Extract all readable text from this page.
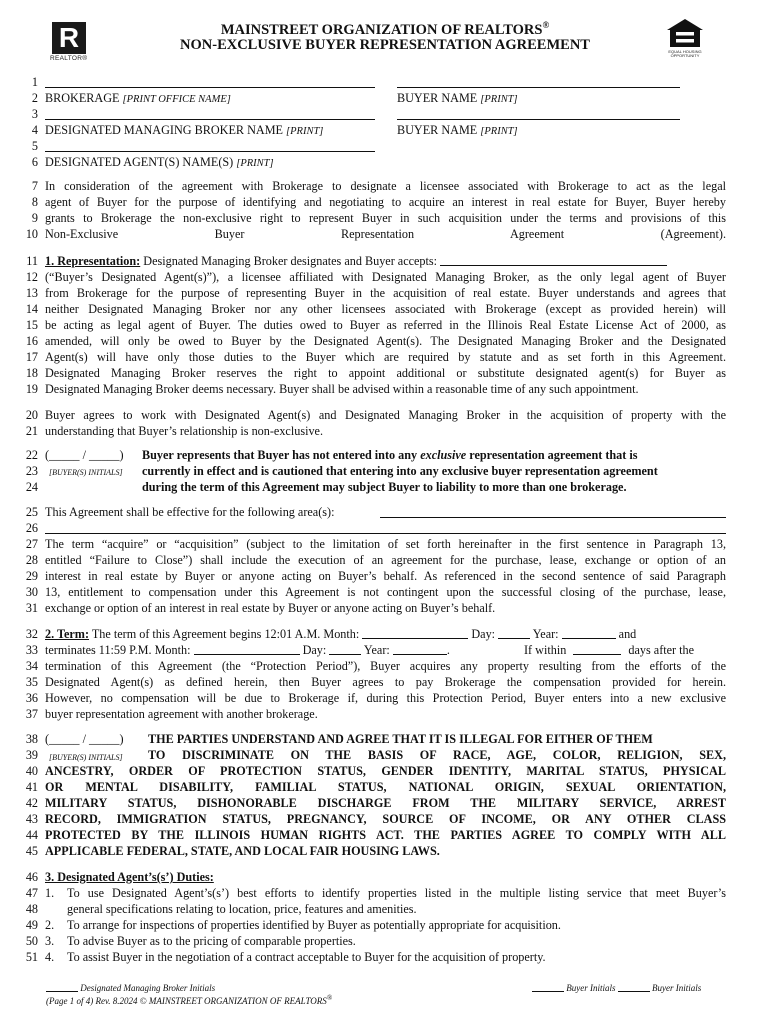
R
REALTOR®
EQUAL HOUSING OPPORTUNITY
MAINSTREET ORGANIZATION OF REALTORS®
NON-EXCLUSIVE BUYER REPRESENTATION AGREEMENT
1
2
3
4
5
6
7
8
9
10
11
12
13
14
15
16
17
18
19
20
21
22
23
24
25
26
27
28
29
30
31
32
33
34
35
36
37
38
39
40
41
42
43
44
45
46
47
48
49
50
51
BROKERAGE [PRINT OFFICE NAME]	BUYER NAME [PRINT]
DESIGNATED MANAGING BROKER NAME [PRINT]	BUYER NAME [PRINT]
DESIGNATED AGENT(S) NAME(S) [PRINT]
In consideration of the agreement with Brokerage to designate a licensee associated with Brokerage to act as the legal
agent of Buyer for the purpose of identifying and negotiating to acquire an interest in real estate for Buyer, Buyer hereby
grants to Brokerage the non-exclusive right to represent Buyer in such acquisition under the terms and provisions of this
Non-Exclusive Buyer Representation Agreement (Agreement).
1. Representation: Designated Managing Broker designates and Buyer accepts:
(“Buyer’s Designated Agent(s)”), a licensee affiliated with Designated Managing Broker, as the only legal agent of Buyer
from Brokerage for the purpose of representing Buyer in the acquisition of real estate. Buyer understands and agrees that
neither Designated Managing Broker nor any other licensees associated with Brokerage (except as provided herein) will
be acting as legal agent of Buyer. The duties owed to Buyer as referred in the Illinois Real Estate License Act of 2000, as
amended, will only be owed to Buyer by the Designated Agent(s). The Designated Managing Broker and the Designated
Agent(s) will have only those duties to the Buyer which are required by statute and as set forth in this Agreement.
Designated Managing Broker reserves the right to appoint additional or substitute designated agent(s) for Buyer as
Designated Managing Broker deems necessary. Buyer shall be advised within a reasonable time of any such appointment.
Buyer agrees to work with Designated Agent(s) and Designated Managing Broker in the acquisition of property with the
understanding that Buyer’s relationship is non-exclusive.
(_____ / _____)
[BUYER(S) INITIALS]
Buyer represents that Buyer has not entered into any exclusive representation agreement that is
currently in effect and is cautioned that entering into any exclusive buyer representation agreement
during the term of this Agreement may subject Buyer to liability to more than one brokerage.
This Agreement shall be effective for the following area(s):
The term “acquire” or “acquisition” (subject to the limitation of set forth hereinafter in the first sentence in Paragraph 13,
entitled “Failure to Close”) shall include the execution of an agreement for the purchase, lease, exchange or option of an
interest in real estate by Buyer or anyone acting on Buyer’s behalf. As referenced in the second sentence of said Paragraph
13, entitlement to compensation under this Agreement is not contingent upon the successful closing of the purchase, lease,
exchange or option of an interest in real estate by Buyer or anyone acting on Buyer’s behalf.
2. Term: The term of this Agreement begins 12:01 A.M. Month:	Day:	Year:	and
terminates 11:59 P.M. Month:	Day:	Year:	.	If within	days after the
termination of this Agreement (the “Protection Period”), Buyer acquires any property resulting from the efforts of the
Designated Agent(s) as defined herein, then Buyer agrees to pay Brokerage the compensation provided for herein.
However, no compensation will be due to Brokerage if, during this Protection Period, Buyer enters into a new exclusive
buyer representation agreement with another brokerage.
(_____ / _____)
[BUYER(S) INITIALS]
THE PARTIES UNDERSTAND AND AGREE THAT IT IS ILLEGAL FOR EITHER OF THEM
TO DISCRIMINATE ON THE BASIS OF RACE, AGE, COLOR, RELIGION, SEX,
ANCESTRY, ORDER OF PROTECTION STATUS, GENDER IDENTITY, MARITAL STATUS, PHYSICAL
OR MENTAL DISABILITY, FAMILIAL STATUS, NATIONAL ORIGIN, SEXUAL ORIENTATION,
MILITARY STATUS, DISHONORABLE DISCHARGE FROM THE MILITARY SERVICE, ARREST
RECORD, IMMIGRATION STATUS, PREGNANCY, SOURCE OF INCOME, OR ANY OTHER CLASS
PROTECTED BY THE ILLINOIS HUMAN RIGHTS ACT. THE PARTIES AGREE TO COMPLY WITH ALL
APPLICABLE FEDERAL, STATE, AND LOCAL FAIR HOUSING LAWS.
3. Designated Agent’s(s’) Duties:
1. To use Designated Agent’s(s’) best efforts to identify properties listed in the multiple listing service that meet Buyer’s
general specifications relating to location, price, features and amenities.
2. To arrange for inspections of properties identified by Buyer as potentially appropriate for acquisition.
3. To advise Buyer as to the pricing of comparable properties.
4. To assist Buyer in the negotiation of a contract acceptable to Buyer for the acquisition of property.
Designated Managing Broker Initials	Buyer Initials	Buyer Initials
(Page 1 of 4) Rev. 8.2024 © MAINSTREET ORGANIZATION OF REALTORS®
